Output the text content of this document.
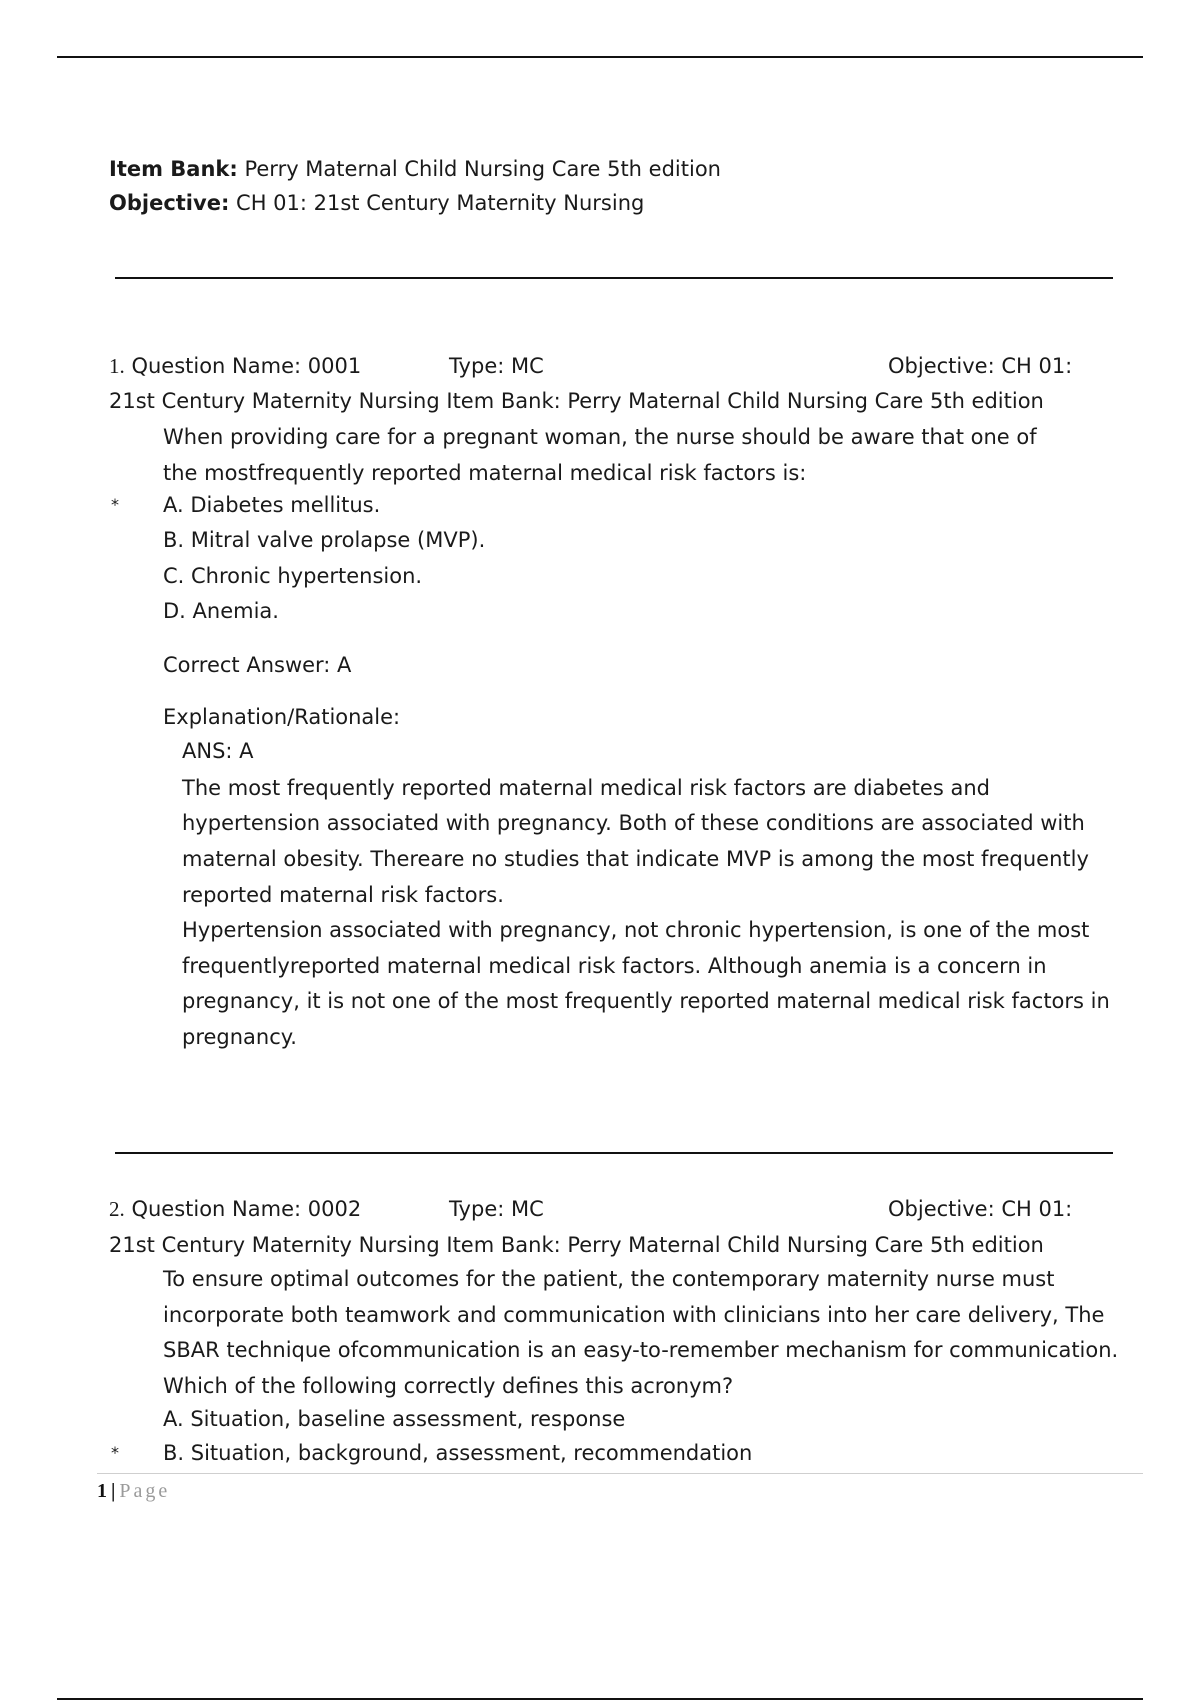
Item Bank: Perry Maternal Child Nursing Care 5th edition
Objective: CH 01: 21st Century Maternity Nursing
1. Question Name: 0001	Type: MC	Objective: CH 01:
21st Century Maternity Nursing Item Bank: Perry Maternal Child Nursing Care 5th edition
When providing care for a pregnant woman, the nurse should be aware that one of
the mostfrequently reported maternal medical risk factors is:
* A. Diabetes mellitus.
B. Mitral valve prolapse (MVP).
C. Chronic hypertension.
D. Anemia.
Correct Answer: A
Explanation/Rationale:
ANS: A
The most frequently reported maternal medical risk factors are diabetes and
hypertension associated with pregnancy. Both of these conditions are associated with
maternal obesity. Thereare no studies that indicate MVP is among the most frequently
reported maternal risk factors.
Hypertension associated with pregnancy, not chronic hypertension, is one of the most
frequentlyreported maternal medical risk factors. Although anemia is a concern in
pregnancy, it is not one of the most frequently reported maternal medical risk factors in
pregnancy.
2. Question Name: 0002	Type: MC	Objective: CH 01:
21st Century Maternity Nursing Item Bank: Perry Maternal Child Nursing Care 5th edition
To ensure optimal outcomes for the patient, the contemporary maternity nurse must
incorporate both teamwork and communication with clinicians into her care delivery, The
SBAR technique ofcommunication is an easy-to-remember mechanism for communication.
Which of the following correctly defines this acronym?
A. Situation, baseline assessment, response
* B. Situation, background, assessment, recommendation
1 | Page
